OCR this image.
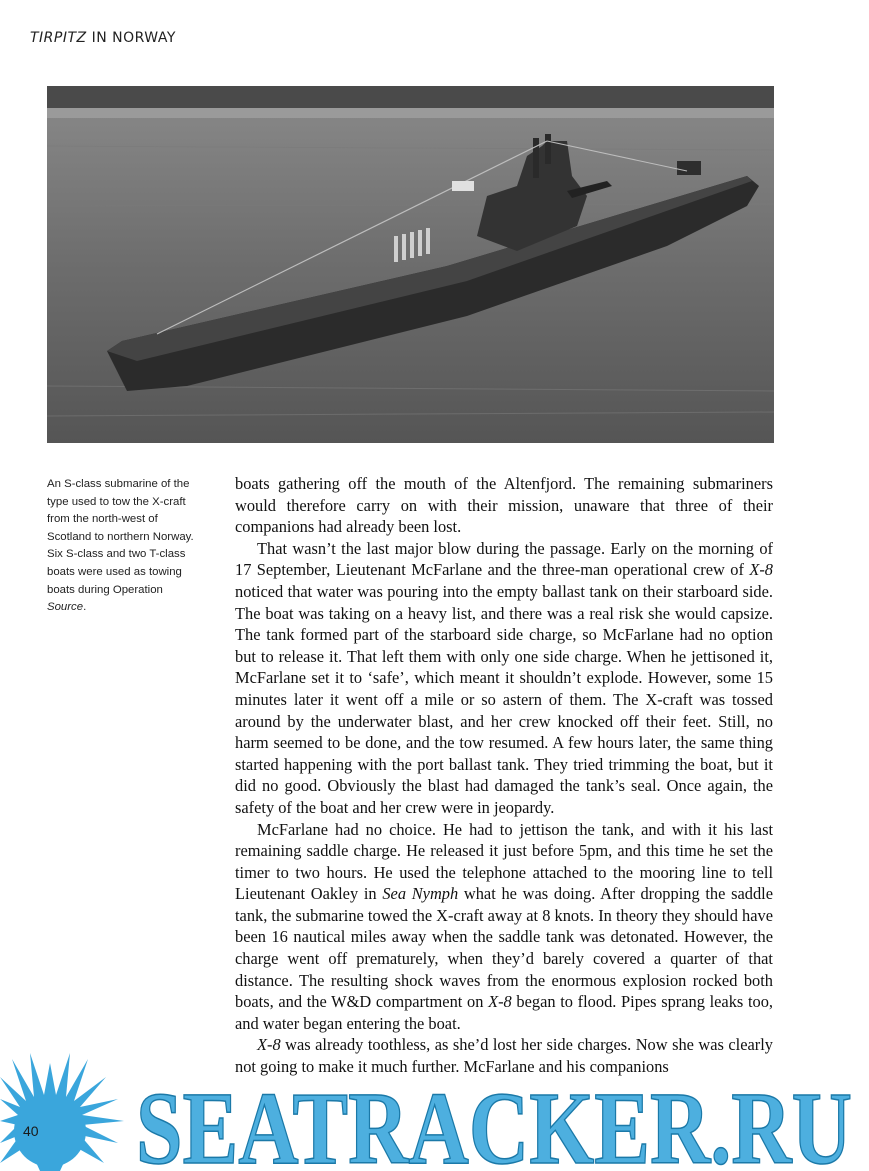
TIRPITZ IN NORWAY
An S-class submarine of the type used to tow the X-craft from the north-west of Scotland to northern Norway. Six S-class and two T-class boats were used as towing boats during Operation Source.

boats gathering off the mouth of the Altenfjord. The remaining submariners would therefore carry on with their mission, unaware that three of their companions had already been lost.

That wasn’t the last major blow during the passage. Early on the morning of 17 September, Lieutenant McFarlane and the three-man operational crew of X-8 noticed that water was pouring into the empty ballast tank on their starboard side. The boat was taking on a heavy list, and there was a real risk she would capsize. The tank formed part of the starboard side charge, so McFarlane had no option but to release it. That left them with only one side charge. When he jettisoned it, McFarlane set it to ‘safe’, which meant it shouldn’t explode. However, some 15 minutes later it went off a mile or so astern of them. The X-craft was tossed around by the underwater blast, and her crew knocked off their feet. Still, no harm seemed to be done, and the tow resumed. A few hours later, the same thing started happening with the port ballast tank. They tried trimming the boat, but it did no good. Obviously the blast had damaged the tank’s seal. Once again, the safety of the boat and her crew were in jeopardy.

McFarlane had no choice. He had to jettison the tank, and with it his last remaining saddle charge. He released it just before 5pm, and this time he set the timer to two hours. He used the telephone attached to the mooring line to tell Lieutenant Oakley in Sea Nymph what he was doing. After dropping the saddle tank, the submarine towed the X-craft away at 8 knots. In theory they should have been 16 nautical miles away when the saddle tank was detonated. However, the charge went off prematurely, when they’d barely covered a quarter of that distance. The resulting shock waves from the enormous explosion rocked both boats, and the W&D compartment on X-8 began to flood. Pipes sprang leaks too, and water began entering the boat.

X-8 was already toothless, as she’d lost her side charges. Now she was clearly not going to make it much further. McFarlane and his companions

SEATRACKER.RU
40
